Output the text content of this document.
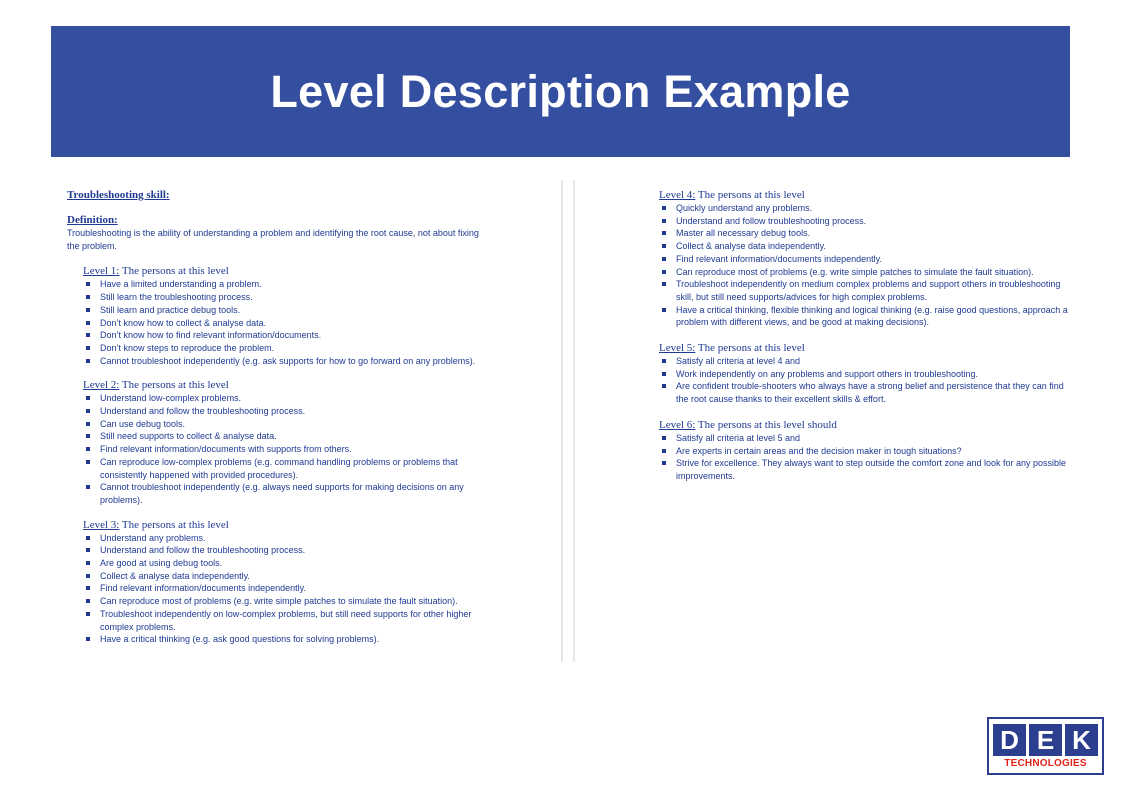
Level Description Example

Troubleshooting skill:

Definition:

Troubleshooting is the ability of understanding a problem and identifying the root cause, not about fixing the problem.

Level 1: The persons at this level

Have a limited understanding a problem.
Still learn the troubleshooting process.
Still learn and practice debug tools.
Don’t know how to collect & analyse data.
Don’t know how to find relevant information/documents.
Don’t know steps to reproduce the problem.
Cannot troubleshoot independently (e.g. ask supports for how to go forward on any problems).

Level 2: The persons at this level

Understand low-complex problems.
Understand and follow the troubleshooting process.
Can use debug tools.
Still need supports to collect & analyse data.
Find relevant information/documents with supports from others.
Can reproduce low-complex problems (e.g. command handling problems or problems that consistently happened with provided procedures).
Cannot troubleshoot independently (e.g. always need supports for making decisions on any problems).

Level 3: The persons at this level

Understand any problems.
Understand and follow the troubleshooting process.
Are good at using debug tools.
Collect & analyse data independently.
Find relevant information/documents independently.
Can reproduce most of problems (e.g. write simple patches to simulate the fault situation).
Troubleshoot independently on low-complex problems, but still need supports for other higher complex problems.
Have a critical thinking (e.g. ask good questions for solving problems).

Level 4: The persons at this level

Quickly understand any problems.
Understand and follow troubleshooting process.
Master all necessary debug tools.
Collect & analyse data independently.
Find relevant information/documents independently.
Can reproduce most of problems (e.g. write simple patches to simulate the fault situation).
Troubleshoot independently on medium complex problems and support others in troubleshooting skill, but still need supports/advices for high complex problems.
Have a critical thinking, flexible thinking and logical thinking (e.g. raise good questions, approach a problem with different views, and be good at making decisions).

Level 5: The persons at this level

Satisfy all criteria at level 4 and
Work independently on any problems and support others in troubleshooting.
Are confident trouble-shooters who always have a strong belief and persistence that they can find the root cause thanks to their excellent skills & effort.

Level 6: The persons at this level should

Satisfy all criteria at level 5 and
Are experts in certain areas and the decision maker in tough situations?
Strive for excellence. They always want to step outside the comfort zone and look for any possible improvements.
D E K
TECHNOLOGIES
